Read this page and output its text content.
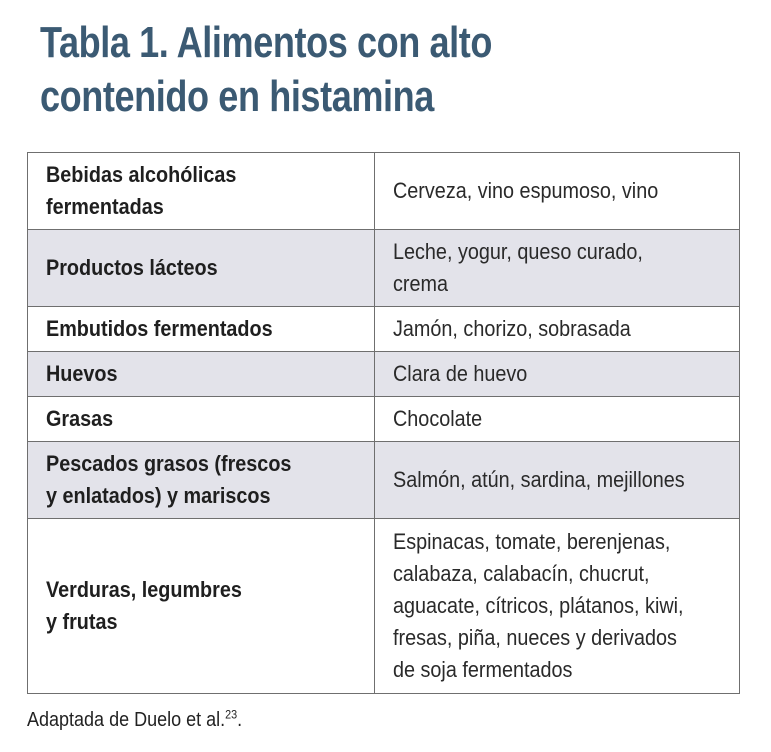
Tabla 1. Alimentos con alto
contenido en histamina
Bebidas alcohólicas
fermentadas	Cerveza, vino espumoso, vino

Productos lácteos	Leche, yogur, queso curado,
crema

Embutidos fermentados	Jamón, chorizo, sobrasada

Huevos	Clara de huevo

Grasas	Chocolate

Pescados grasos (frescos
y enlatados) y mariscos	Salmón, atún, sardina, mejillones

Verduras, legumbres
y frutas	Espinacas, tomate, berenjenas,
calabaza, calabacín, chucrut,
aguacate, cítricos, plátanos, kiwi,
fresas, piña, nueces y derivados
de soja fermentados
Adaptada de Duelo et al.$^{23}$.
